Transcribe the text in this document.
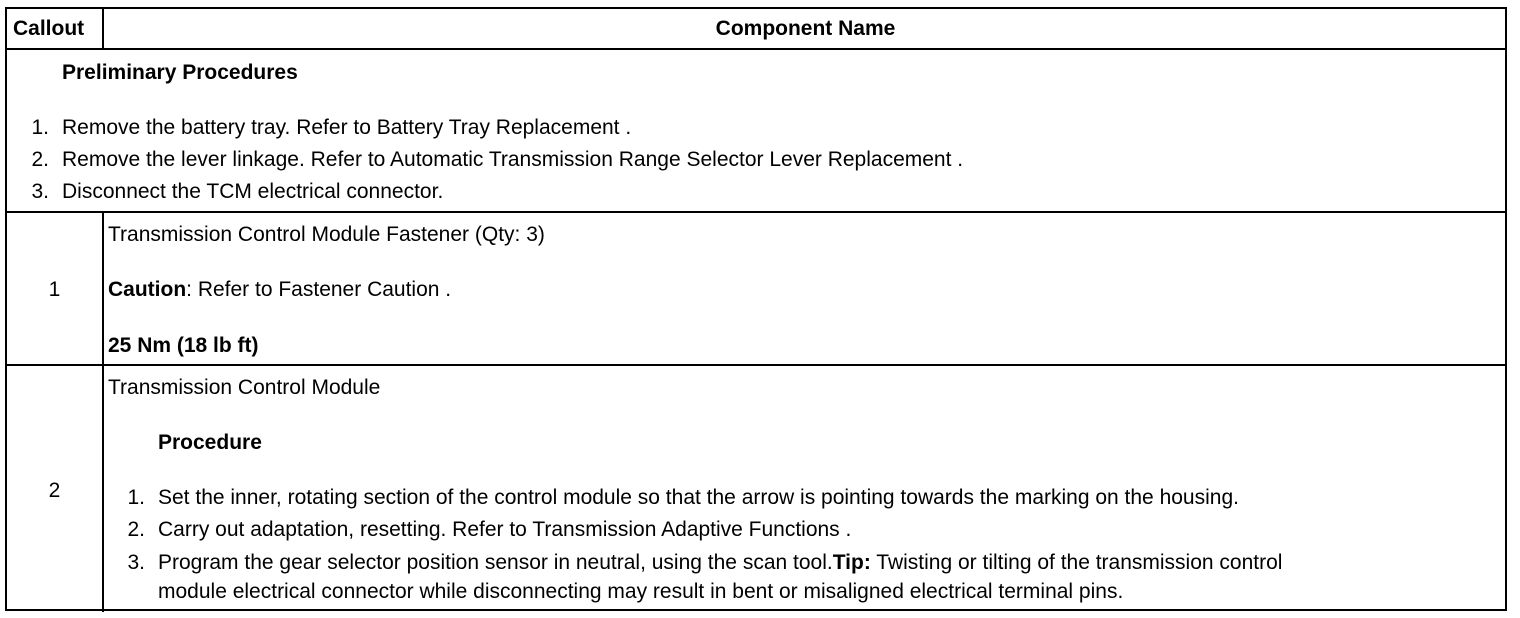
Callout	Component Name
Preliminary Procedures
1. Remove the battery tray. Refer to Battery Tray Replacement .
2. Remove the lever linkage. Refer to Automatic Transmission Range Selector Lever Replacement .
3. Disconnect the TCM electrical connector.
1
Transmission Control Module Fastener (Qty: 3)
Caution: Refer to Fastener Caution .
25 Nm (18 lb ft)
2
Transmission Control Module
Procedure
1. Set the inner, rotating section of the control module so that the arrow is pointing towards the marking on the housing.
2. Carry out adaptation, resetting. Refer to Transmission Adaptive Functions .
3. Program the gear selector position sensor in neutral, using the scan tool.Tip: Twisting or tilting of the transmission control
module electrical connector while disconnecting may result in bent or misaligned electrical terminal pins.
